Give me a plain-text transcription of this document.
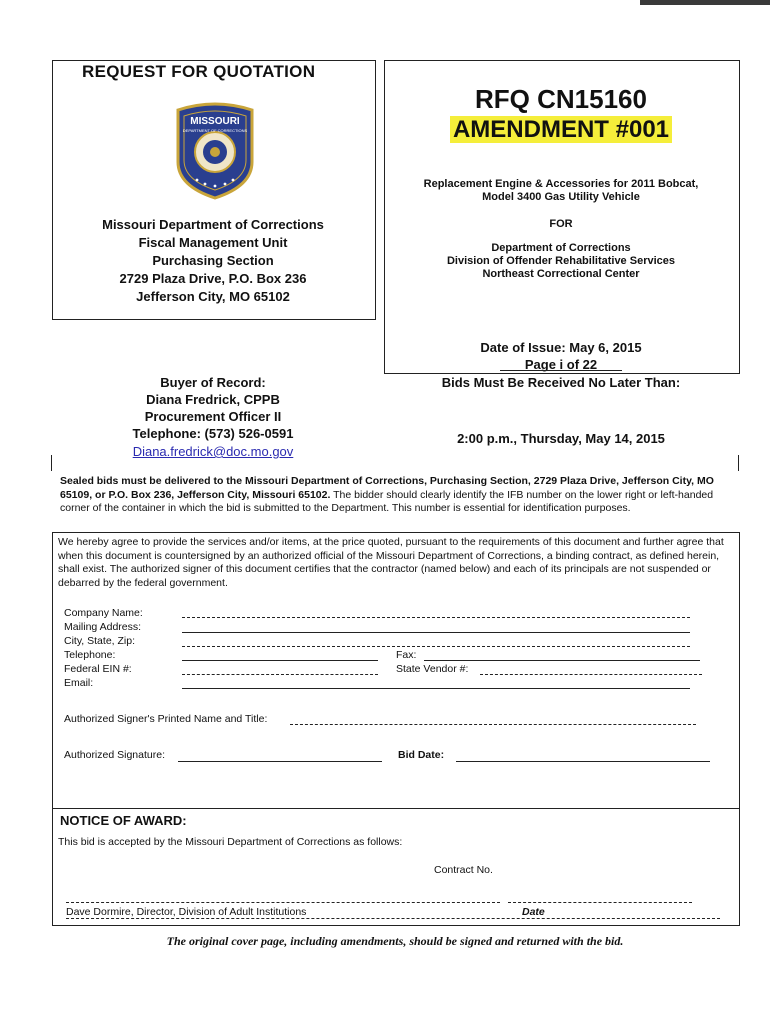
REQUEST FOR QUOTATION
MISSOURI
DEPARTMENT OF CORRECTIONS
Missouri Department of Corrections
Fiscal Management Unit
Purchasing Section
2729 Plaza Drive, P.O. Box 236
Jefferson City, MO 65102
RFQ CN15160
AMENDMENT #001
Replacement Engine & Accessories for 2011 Bobcat,
Model 3400 Gas Utility Vehicle
FOR
Department of Corrections
Division of Offender Rehabilitative Services
Northeast Correctional Center
Date of Issue: May 6, 2015
Page i of 22
Bids Must Be Received No Later Than:
2:00 p.m., Thursday, May 14, 2015
Buyer of Record:
Diana Fredrick, CPPB
Procurement Officer II
Telephone: (573) 526-0591
Diana.fredrick@doc.mo.gov
Sealed bids must be delivered to the Missouri Department of Corrections, Purchasing Section, 2729 Plaza Drive, Jefferson City, MO 65109, or P.O. Box 236, Jefferson City, Missouri 65102. The bidder should clearly identify the IFB number on the lower right or left-handed corner of the container in which the bid is submitted to the Department. This number is essential for identification purposes.
We hereby agree to provide the services and/or items, at the price quoted, pursuant to the requirements of this document and further agree that when this document is countersigned by an authorized official of the Missouri Department of Corrections, a binding contract, as defined herein, shall exist. The authorized signer of this document certifies that the contractor (named below) and each of its principals are not suspended or debarred by the federal government.
Company Name:
Mailing Address:
City, State, Zip:
Telephone:
Federal EIN #:
Email:
Fax:
State Vendor #:
Authorized Signer's Printed Name and Title:
Authorized Signature:	Bid Date:
NOTICE OF AWARD:
This bid is accepted by the Missouri Department of Corrections as follows:
Contract No.
Dave Dormire, Director, Division of Adult Institutions	Date
The original cover page, including amendments, should be signed and returned with the bid.
